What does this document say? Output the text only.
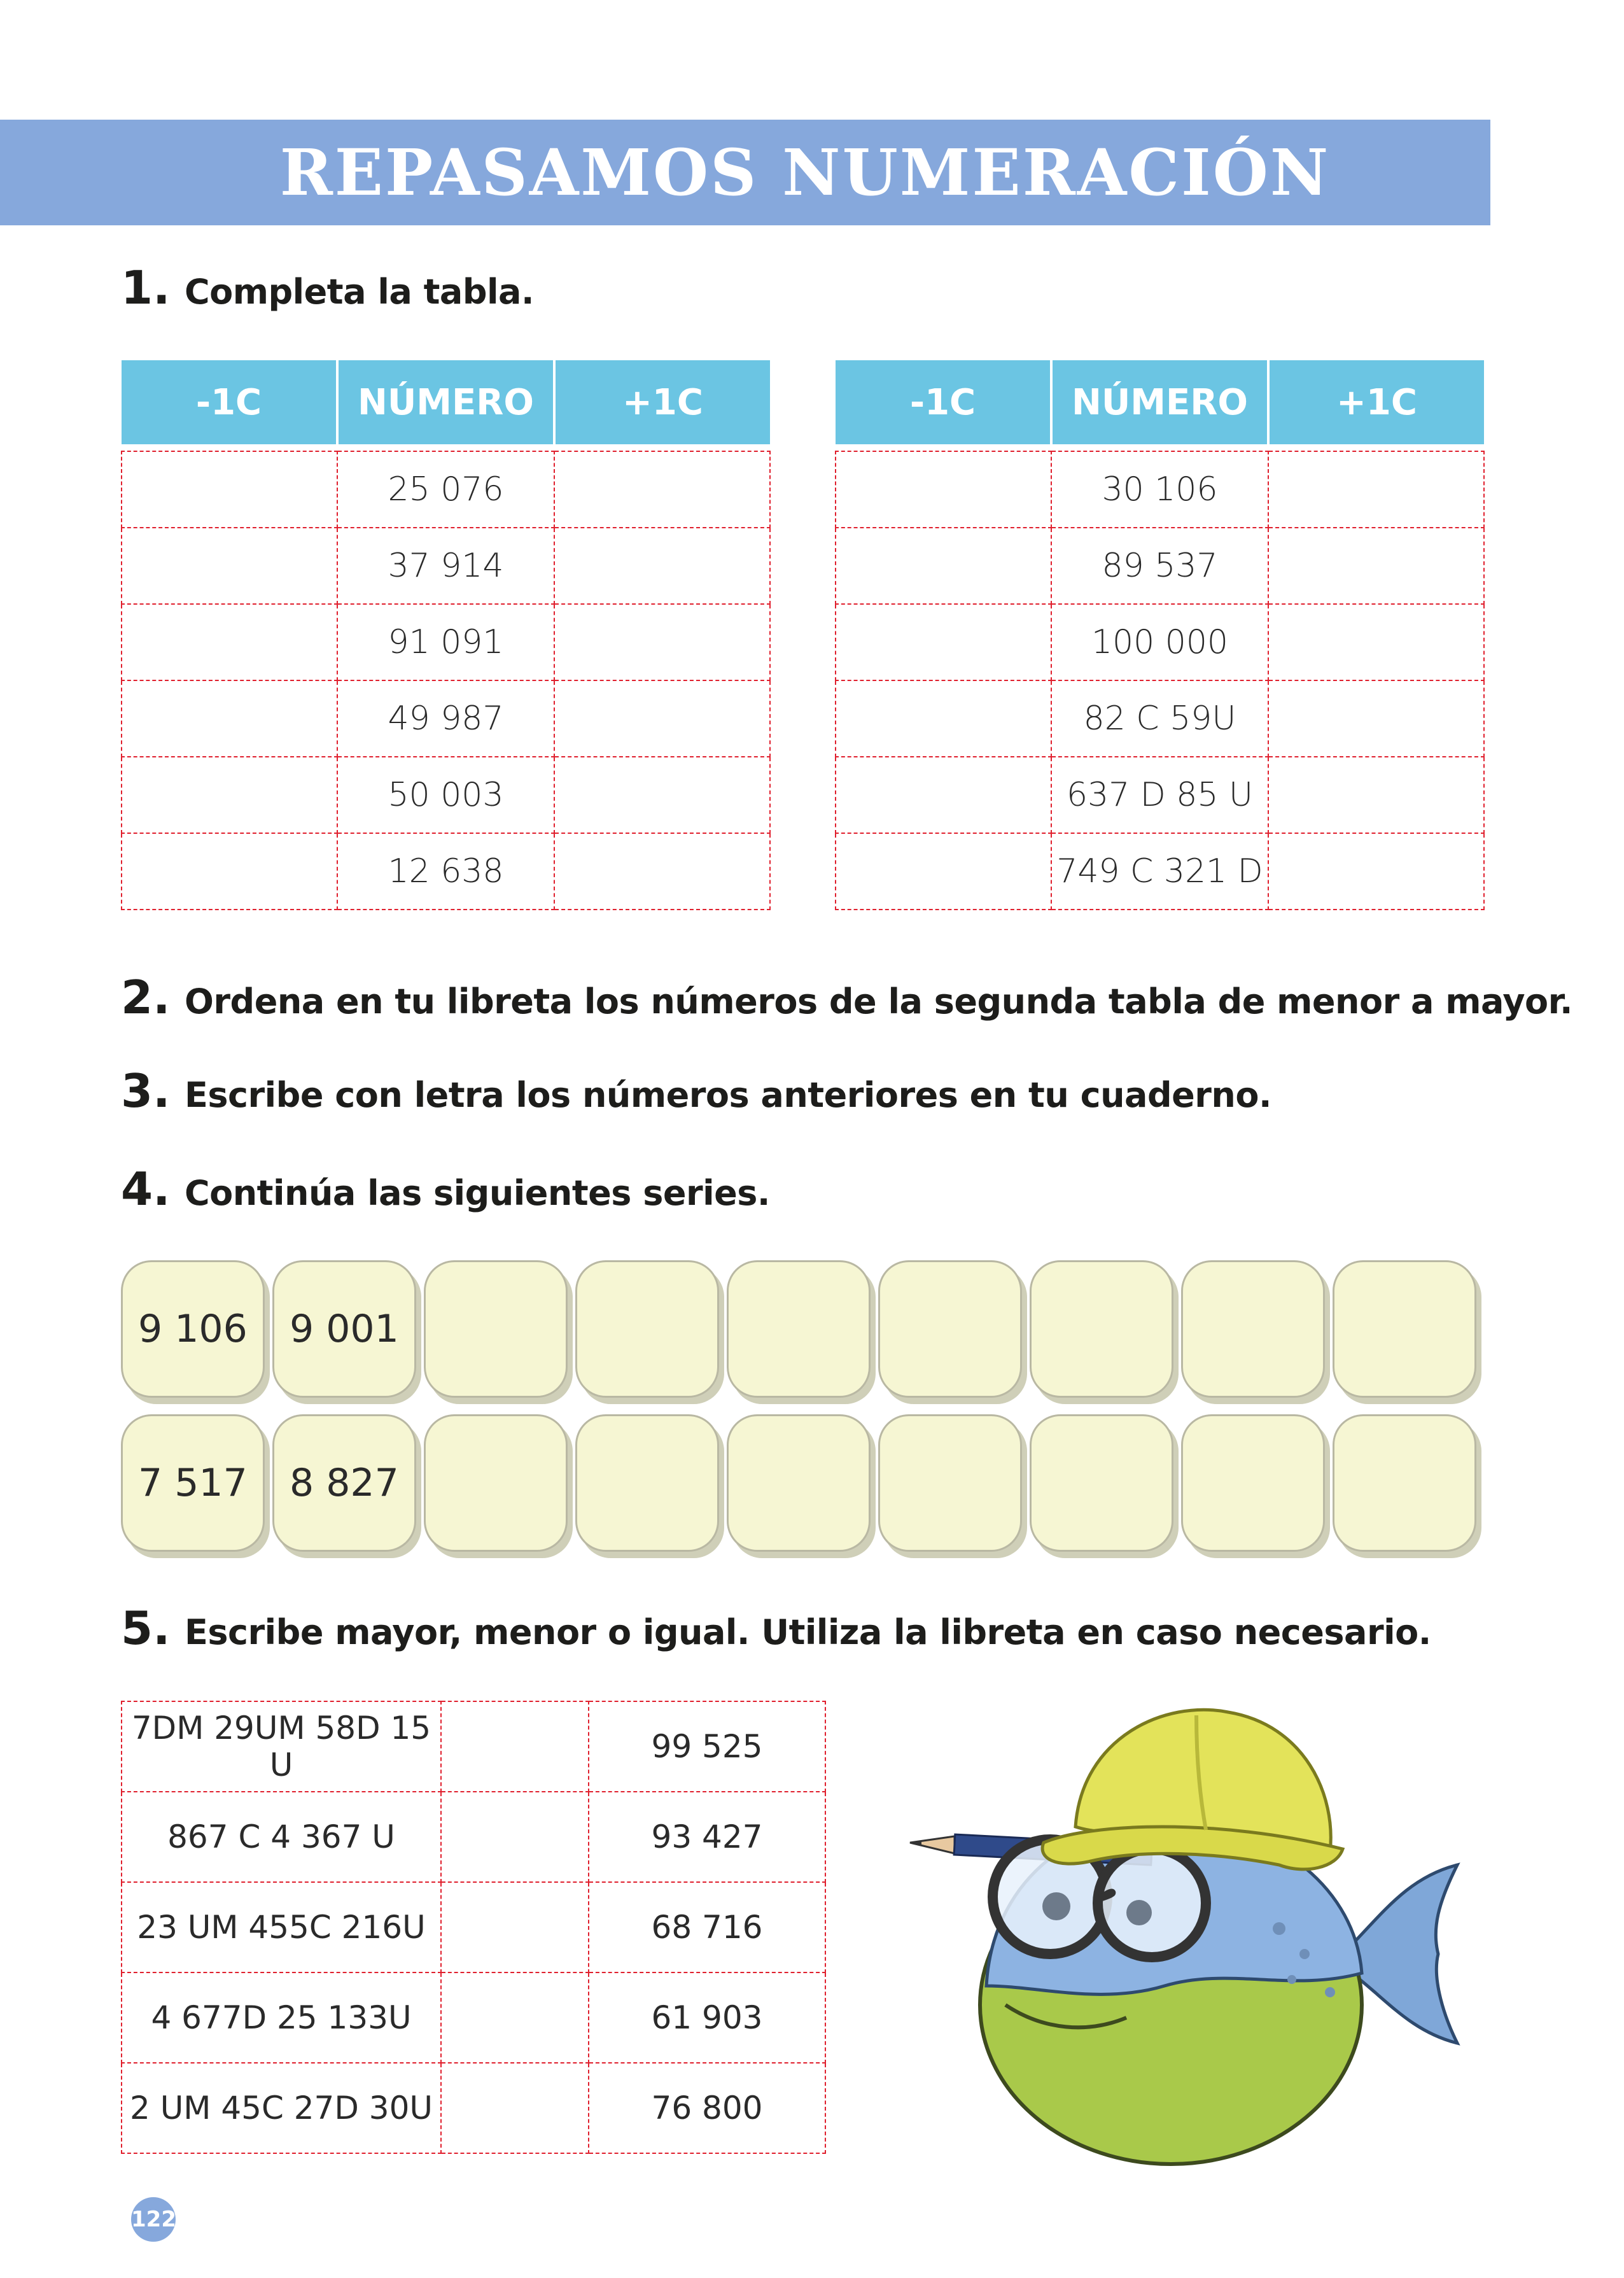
REPASAMOS NUMERACIÓN
1. Completa la tabla.
-1C	NÚMERO	+1C

	25 076	
	37 914	
	91 091	
	49 987	
	50 003	
	12 638	
-1C	NÚMERO	+1C

	30 106	
	89 537	
	100 000	
	82 C 59U	
	637 D 85 U	
	749 C 321 D	
2. Ordena en tu libreta los números de la segunda tabla de menor a mayor.
3. Escribe con letra los números anteriores en tu cuaderno.
4. Continúa las siguientes series.
9 106	9 001
7 517	8 827
5. Escribe mayor, menor o igual. Utiliza la libreta en caso necesario.
7DM 29UM 58D 15 U		99 525
867 C 4 367 U		93 427
23 UM 455C 216U		68 716
4 677D 25 133U		61 903
2 UM 45C 27D 30U		76 800
122
